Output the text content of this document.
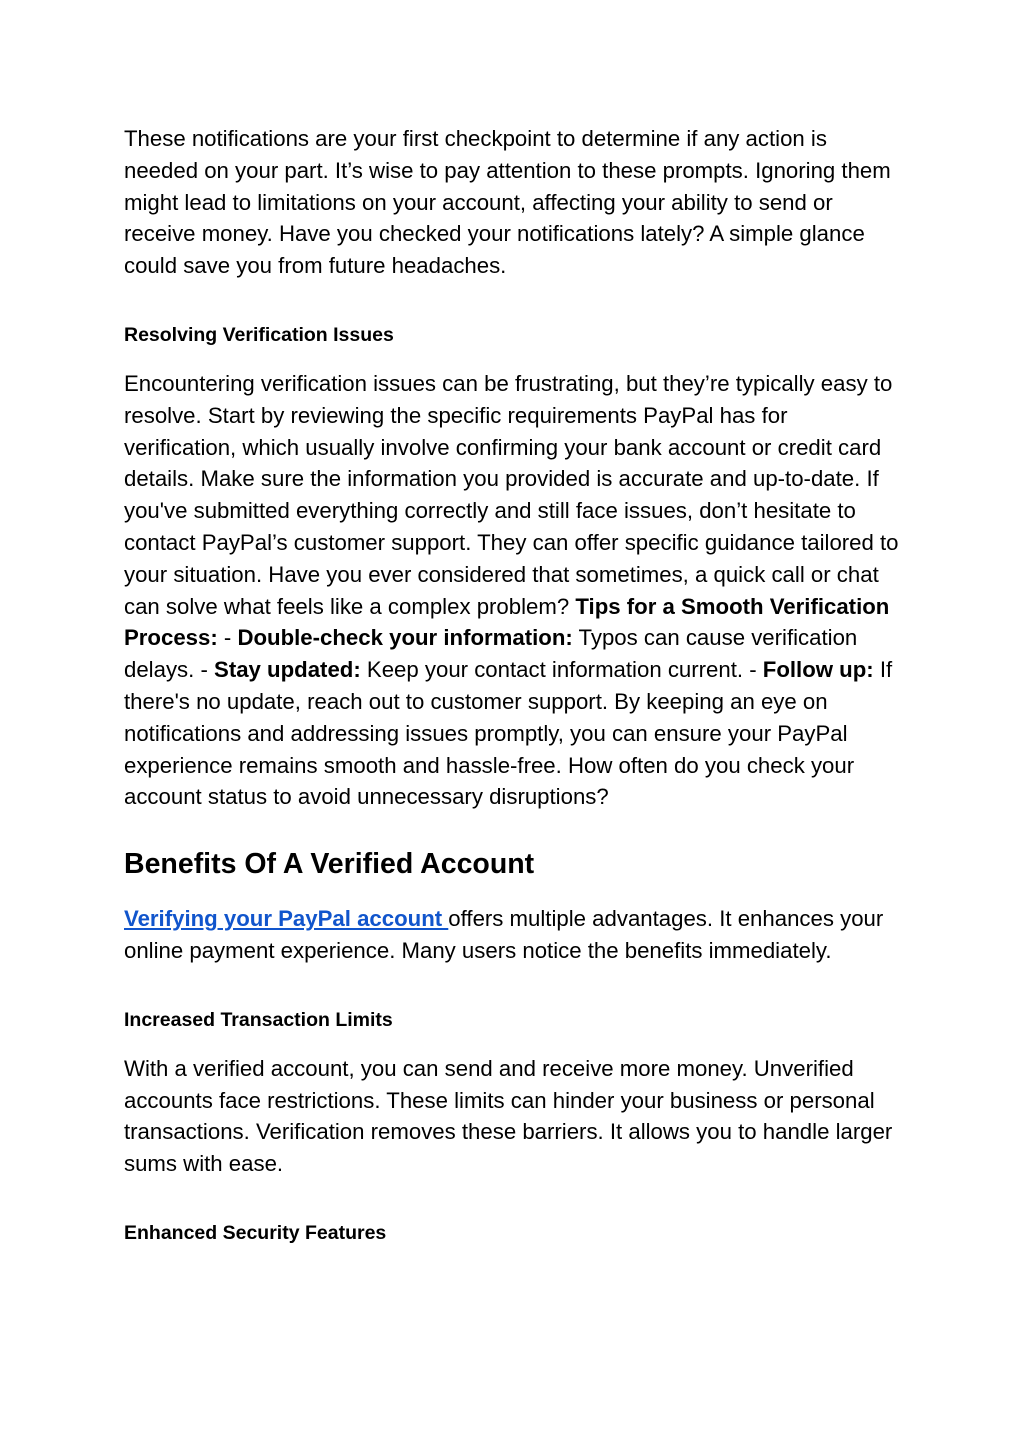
These notifications are your first checkpoint to determine if any action is needed on your part. It’s wise to pay attention to these prompts. Ignoring them might lead to limitations on your account, affecting your ability to send or receive money. Have you checked your notifications lately? A simple glance could save you from future headaches.

Resolving Verification Issues

Encountering verification issues can be frustrating, but they’re typically easy to resolve. Start by reviewing the specific requirements PayPal has for verification, which usually involve confirming your bank account or credit card details. Make sure the information you provided is accurate and up-to-date. If you've submitted everything correctly and still face issues, don’t hesitate to contact PayPal’s customer support. They can offer specific guidance tailored to your situation. Have you ever considered that sometimes, a quick call or chat can solve what feels like a complex problem? Tips for a Smooth Verification Process: - Double-check your information: Typos can cause verification delays. - Stay updated: Keep your contact information current. - Follow up: If there's no update, reach out to customer support. By keeping an eye on notifications and addressing issues promptly, you can ensure your PayPal experience remains smooth and hassle-free. How often do you check your account status to avoid unnecessary disruptions?

Benefits Of A Verified Account

Verifying your PayPal account offers multiple advantages. It enhances your online payment experience. Many users notice the benefits immediately.

Increased Transaction Limits

With a verified account, you can send and receive more money. Unverified accounts face restrictions. These limits can hinder your business or personal transactions. Verification removes these barriers. It allows you to handle larger sums with ease.

Enhanced Security Features
